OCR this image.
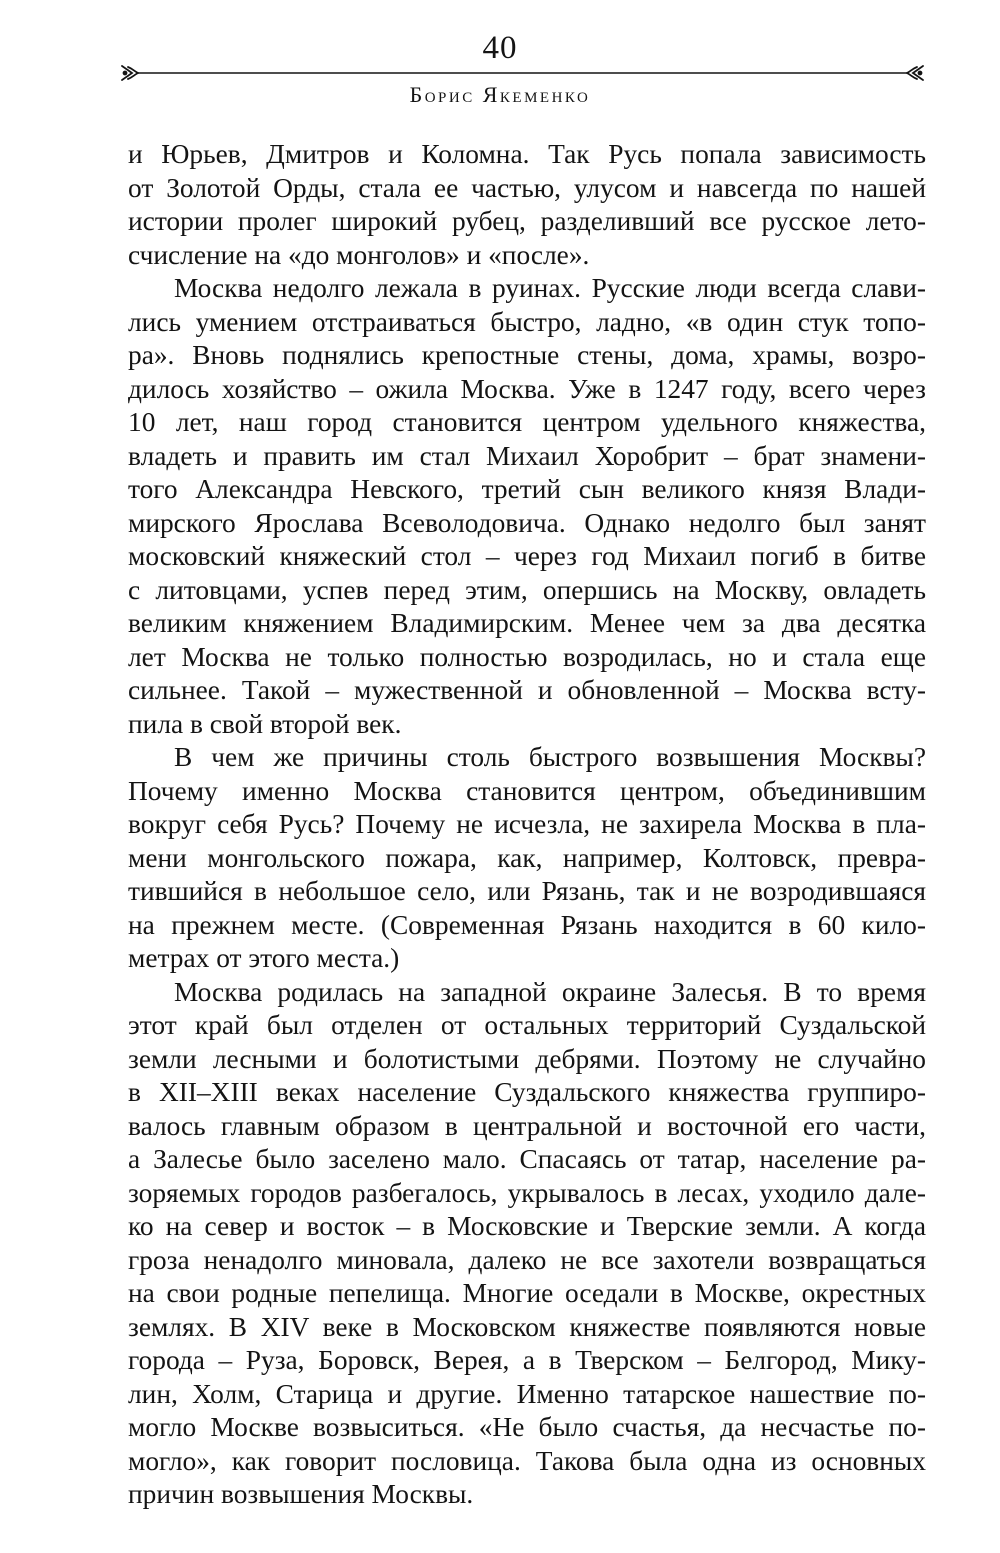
40
Борис Якеменко
и Юрьев, Дмитров и Коломна. Так Русь попала зависимость
от Золотой Орды, стала ее частью, улусом и навсегда по нашей
истории пролег широкий рубец, разделивший все русское лето-
счисление на «до монголов» и «после».
Москва недолго лежала в руинах. Русские люди всегда слави-
лись умением отстраиваться быстро, ладно, «в один стук топо-
ра». Вновь поднялись крепостные стены, дома, храмы, возро-
дилось хозяйство – ожила Москва. Уже в 1247 году, всего через
10 лет, наш город становится центром удельного княжества,
владеть и править им стал Михаил Хоробрит – брат знамени-
того Александра Невского, третий сын великого князя Влади-
мирского Ярослава Всеволодовича. Однако недолго был занят
московский княжеский стол – через год Михаил погиб в битве
с литовцами, успев перед этим, опершись на Москву, овладеть
великим княжением Владимирским. Менее чем за два десятка
лет Москва не только полностью возродилась, но и стала еще
сильнее. Такой – мужественной и обновленной – Москва всту-
пила в свой второй век.
В чем же причины столь быстрого возвышения Москвы?
Почему именно Москва становится центром, объединившим
вокруг себя Русь? Почему не исчезла, не захирела Москва в пла-
мени монгольского пожара, как, например, Колтовск, превра-
тившийся в небольшое село, или Рязань, так и не возродившаяся
на прежнем месте. (Современная Рязань находится в 60 кило-
метрах от этого места.)
Москва родилась на западной окраине Залесья. В то время
этот край был отделен от остальных территорий Суздальской
земли лесными и болотистыми дебрями. Поэтому не случайно
в XII–XIII веках население Суздальского княжества группиро-
валось главным образом в центральной и восточной его части,
а Залесье было заселено мало. Спасаясь от татар, население ра-
зоряемых городов разбегалось, укрывалось в лесах, уходило дале-
ко на север и восток – в Московские и Тверские земли. А когда
гроза ненадолго миновала, далеко не все захотели возвращаться
на свои родные пепелища. Многие оседали в Москве, окрестных
землях. В XIV веке в Московском княжестве появляются новые
города – Руза, Боровск, Верея, а в Тверском – Белгород, Мику-
лин, Холм, Старица и другие. Именно татарское нашествие по-
могло Москве возвыситься. «Не было счастья, да несчастье по-
могло», как говорит пословица. Такова была одна из основных
причин возвышения Москвы.
